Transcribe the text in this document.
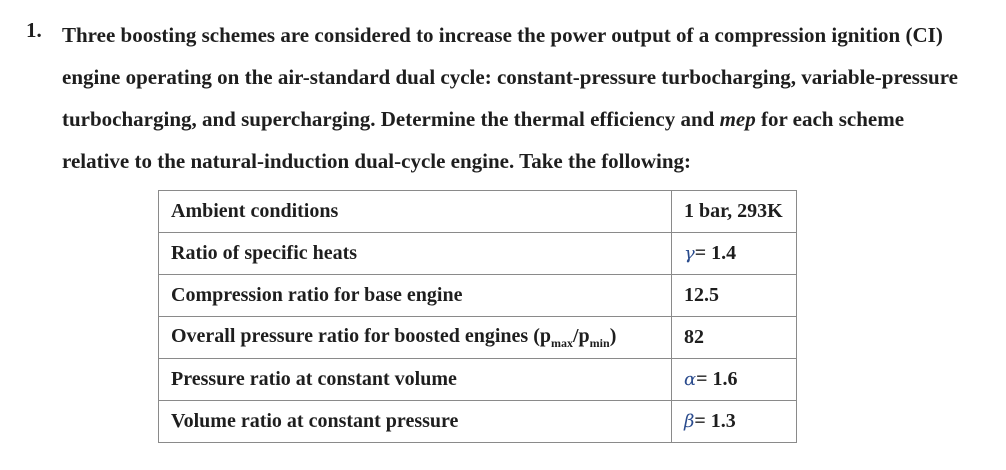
1. Three boosting schemes are considered to increase the power output of a compression ignition (CI)
engine operating on the air-standard dual cycle: constant-pressure turbocharging, variable-pressure
turbocharging, and supercharging. Determine the thermal efficiency and mep for each scheme
relative to the natural-induction dual-cycle engine. Take the following:

Ambient conditions	1 bar, 293K
Ratio of specific heats	γ= 1.4
Compression ratio for base engine	12.5
Overall pressure ratio for boosted engines $(p_{max}/p_{min})$	82
Pressure ratio at constant volume	α= 1.6
Volume ratio at constant pressure	β= 1.3
